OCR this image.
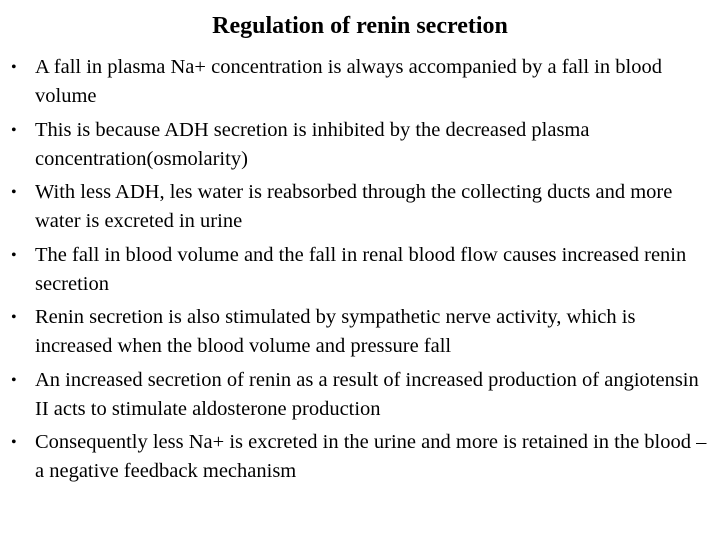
Regulation of renin secretion
• A fall in plasma Na+ concentration is always accompanied by a fall in blood volume
• This is because ADH secretion is inhibited by the decreased plasma concentration(osmolarity)
• With less ADH, les water is reabsorbed through the collecting ducts and more water is excreted in urine
• The fall in blood volume and the fall in renal blood flow causes increased renin secretion
• Renin secretion is also stimulated by sympathetic nerve activity, which is increased when the blood volume and pressure fall
• An increased secretion of renin as a result of increased production of angiotensin II acts to stimulate aldosterone production
• Consequently less Na+ is excreted in the urine and more is retained in the blood –a negative feedback mechanism
